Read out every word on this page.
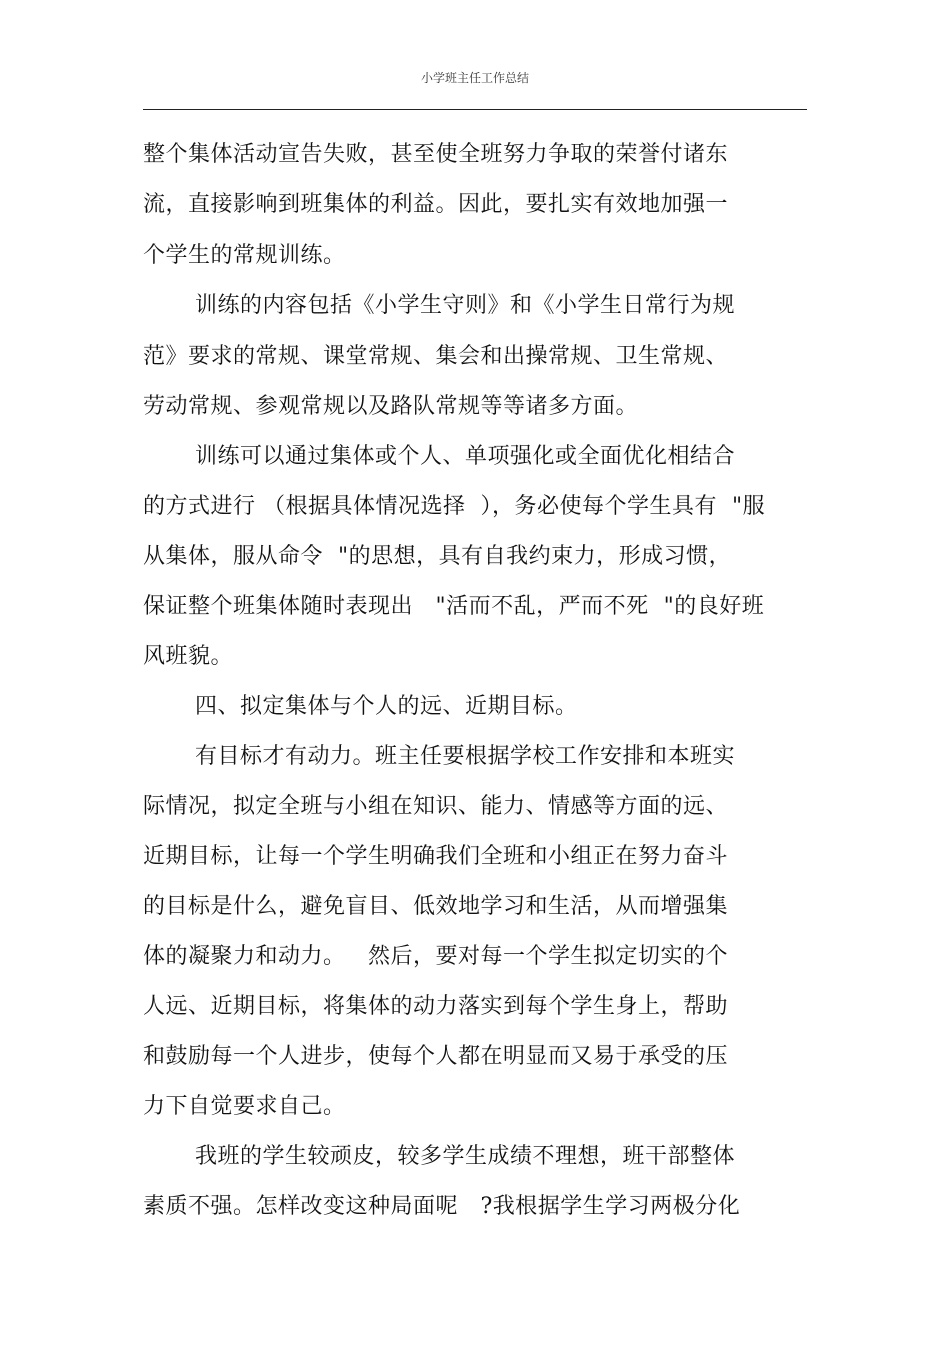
小学班主任工作总结
整个集体活动宣告失败，甚至使全班努力争取的荣誉付诸东
流，直接影响到班集体的利益。因此，要扎实有效地加强一
个学生的常规训练。
训练的内容包括《小学生守则》和《小学生日常行为规
范》要求的常规、课堂常规、集会和出操常规、卫生常规、
劳动常规、参观常规以及路队常规等等诸多方面。
训练可以通过集体或个人、单项强化或全面优化相结合
的方式进行 （根据具体情况选择  ），务必使每个学生具有  "服
从集体，服从命令  "的思想，具有自我约束力，形成习惯，
保证整个班集体随时表现出   "活而不乱，严而不死  "的良好班
风班貌。
四、拟定集体与个人的远、近期目标。
有目标才有动力。班主任要根据学校工作安排和本班实
际情况，拟定全班与小组在知识、能力、情感等方面的远、
近期目标，让每一个学生明确我们全班和小组正在努力奋斗
的目标是什么，避免盲目、低效地学习和生活，从而增强集
体的凝聚力和动力。   然后，要对每一个学生拟定切实的个
人远、近期目标，将集体的动力落实到每个学生身上，帮助
和鼓励每一个人进步，使每个人都在明显而又易于承受的压
力下自觉要求自己。
我班的学生较顽皮，较多学生成绩不理想，班干部整体
素质不强。怎样改变这种局面呢   ?我根据学生学习两极分化
